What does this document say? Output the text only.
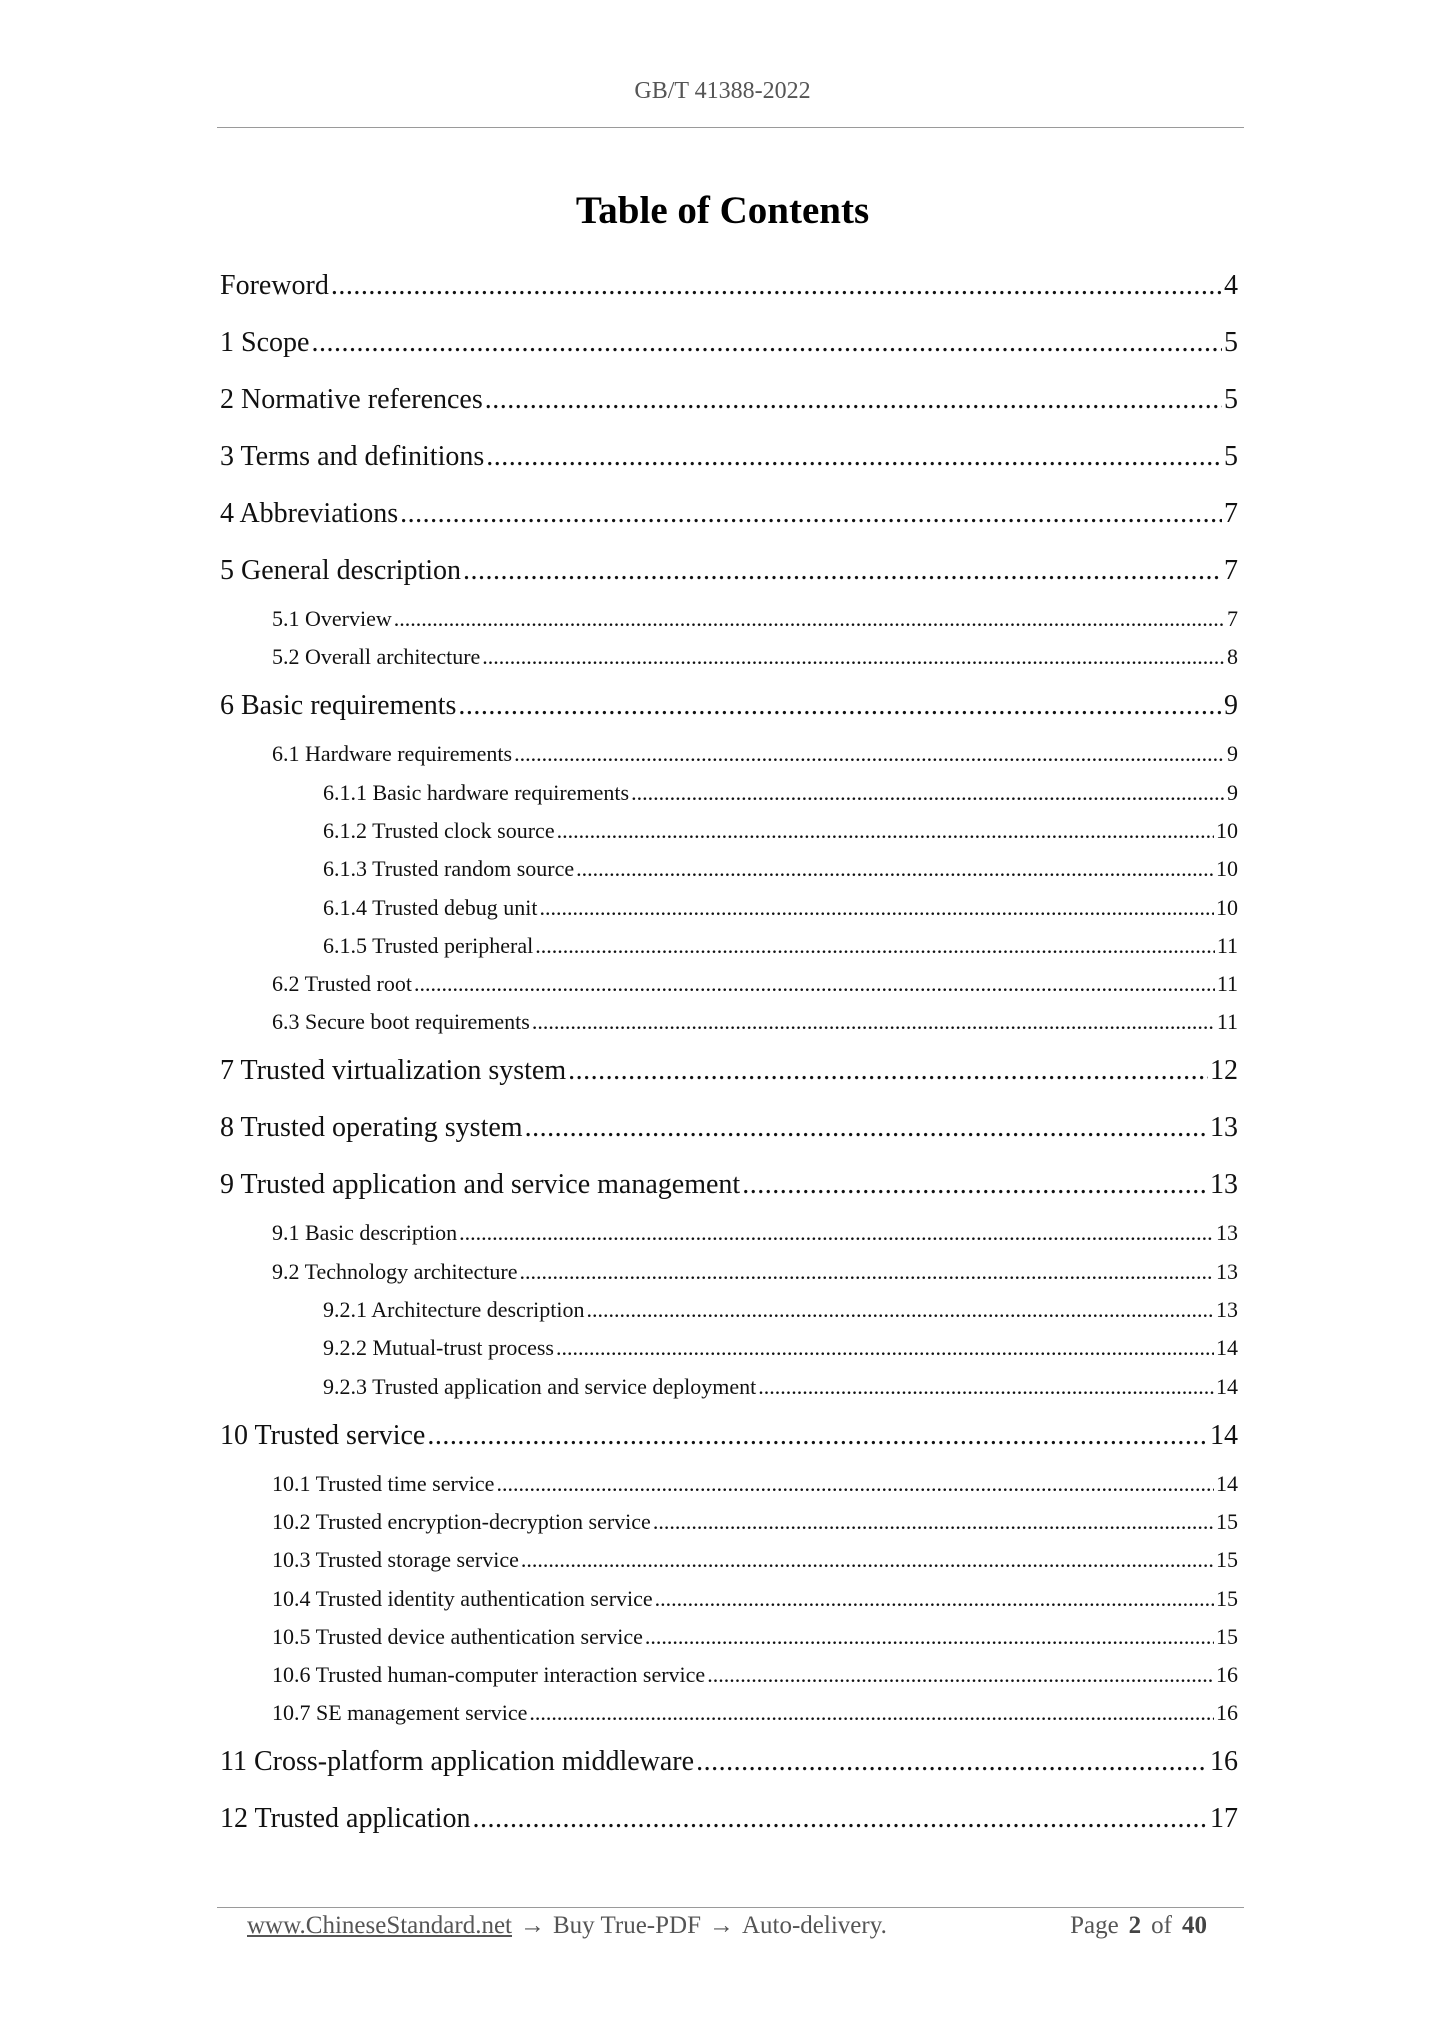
GB/T 41388-2022
Table of Contents
Foreword .....	4
1 Scope .....	5
2 Normative references .....	5
3 Terms and definitions .....	5
4 Abbreviations .....	7
5 General description .....	7
5.1 Overview .....	7
5.2 Overall architecture .....	8
6 Basic requirements .....	9
6.1 Hardware requirements .....	9
6.1.1 Basic hardware requirements .....	9
6.1.2 Trusted clock source .....	10
6.1.3 Trusted random source .....	10
6.1.4 Trusted debug unit .....	10
6.1.5 Trusted peripheral .....	11
6.2 Trusted root .....	11
6.3 Secure boot requirements .....	11
7 Trusted virtualization system .....	12
8 Trusted operating system .....	13
9 Trusted application and service management .....	13
9.1 Basic description .....	13
9.2 Technology architecture .....	13
9.2.1 Architecture description .....	13
9.2.2 Mutual-trust process .....	14
9.2.3 Trusted application and service deployment .....	14
10 Trusted service .....	14
10.1 Trusted time service .....	14
10.2 Trusted encryption-decryption service .....	15
10.3 Trusted storage service .....	15
10.4 Trusted identity authentication service .....	15
10.5 Trusted device authentication service .....	15
10.6 Trusted human-computer interaction service .....	16
10.7 SE management service .....	16
11 Cross-platform application middleware .....	16
12 Trusted application .....	17
www.ChineseStandard.net → Buy True-PDF → Auto-delivery.	Page 2 of 40
